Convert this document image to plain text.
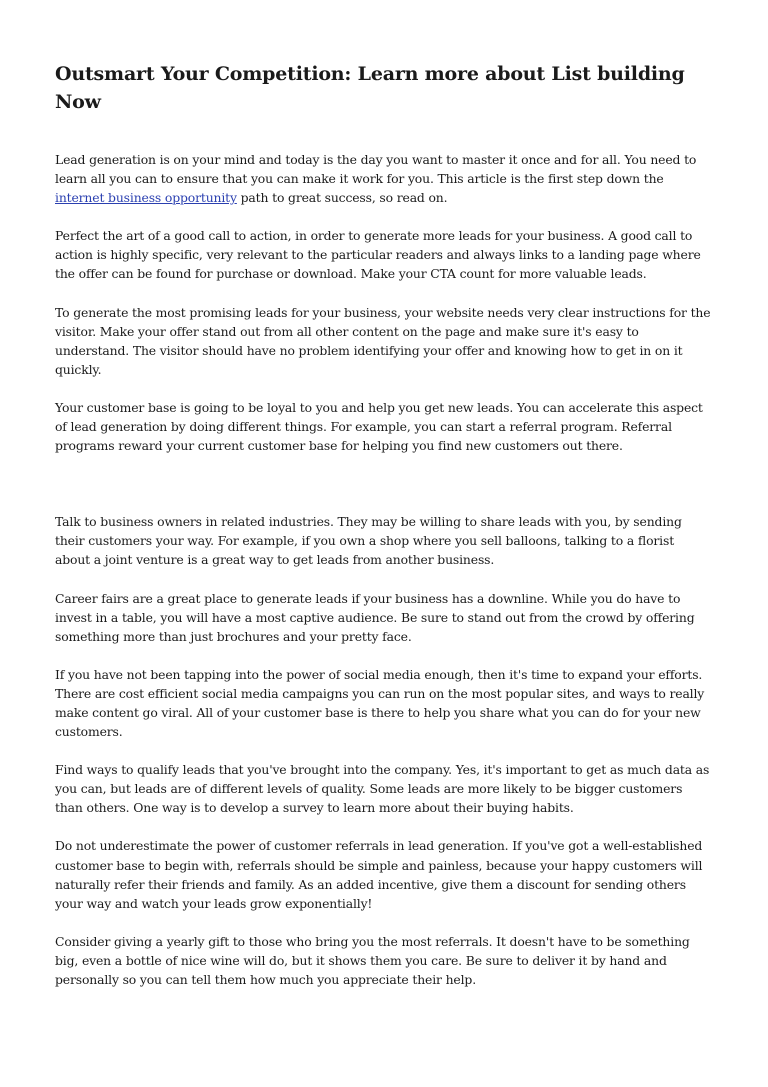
Outsmart Your Competition: Learn more about List building Now

Lead generation is on your mind and today is the day you want to master it once and for all. You need to learn all you can to ensure that you can make it work for you. This article is the first step down the internet business opportunity path to great success, so read on.

Perfect the art of a good call to action, in order to generate more leads for your business. A good call to action is highly specific, very relevant to the particular readers and always links to a landing page where the offer can be found for purchase or download. Make your CTA count for more valuable leads.

To generate the most promising leads for your business, your website needs very clear instructions for the visitor. Make your offer stand out from all other content on the page and make sure it's easy to understand. The visitor should have no problem identifying your offer and knowing how to get in on it quickly.

Your customer base is going to be loyal to you and help you get new leads. You can accelerate this aspect of lead generation by doing different things. For example, you can start a referral program. Referral programs reward your current customer base for helping you find new customers out there.

Talk to business owners in related industries. They may be willing to share leads with you, by sending their customers your way. For example, if you own a shop where you sell balloons, talking to a florist about a joint venture is a great way to get leads from another business.

Career fairs are a great place to generate leads if your business has a downline. While you do have to invest in a table, you will have a most captive audience. Be sure to stand out from the crowd by offering something more than just brochures and your pretty face.

If you have not been tapping into the power of social media enough, then it's time to expand your efforts. There are cost efficient social media campaigns you can run on the most popular sites, and ways to really make content go viral. All of your customer base is there to help you share what you can do for your new customers.

Find ways to qualify leads that you've brought into the company. Yes, it's important to get as much data as you can, but leads are of different levels of quality. Some leads are more likely to be bigger customers than others. One way is to develop a survey to learn more about their buying habits.

Do not underestimate the power of customer referrals in lead generation. If you've got a well-established customer base to begin with, referrals should be simple and painless, because your happy customers will naturally refer their friends and family. As an added incentive, give them a discount for sending others your way and watch your leads grow exponentially!

Consider giving a yearly gift to those who bring you the most referrals. It doesn't have to be something big, even a bottle of nice wine will do, but it shows them you care. Be sure to deliver it by hand and personally so you can tell them how much you appreciate their help.
